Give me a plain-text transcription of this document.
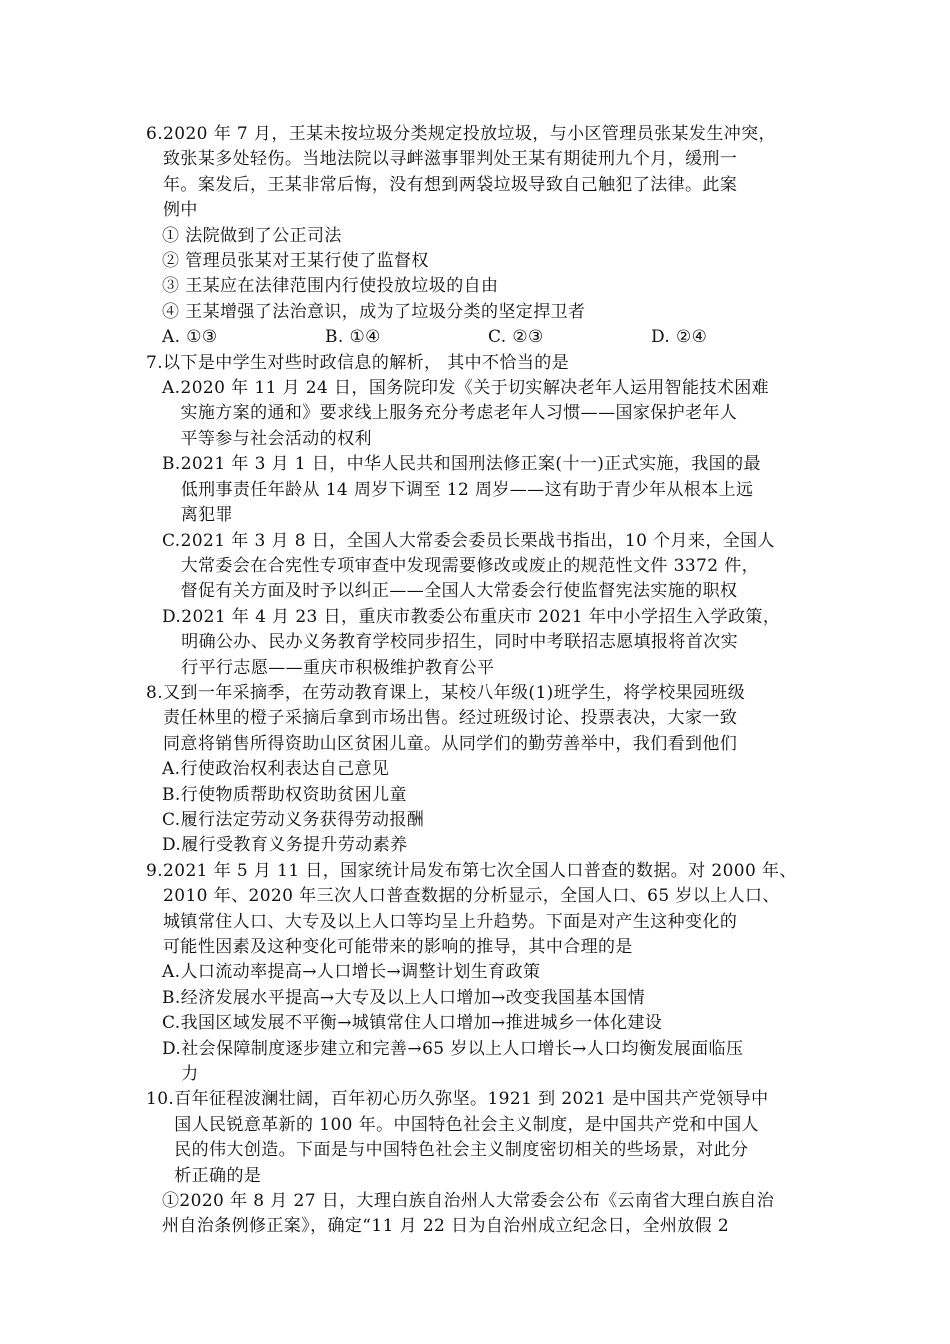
6. 2020 年 7 月，王某未按垃圾分类规定投放垃圾，与小区管理员张某发生冲突，
致张某多处轻伤。当地法院以寻衅滋事罪判处王某有期徒刑九个月，缓刑一
年。案发后，王某非常后悔，没有想到两袋垃圾导致自己触犯了法律。此案
例中
① 法院做到了公正司法
② 管理员张某对王某行使了监督权
③ 王某应在法律范围内行使投放垃圾的自由
④ 王某增强了法治意识，成为了垃圾分类的坚定捍卫者
A. ①③	B. ①④	C. ②③	D. ②④
7. 以下是中学生对些时政信息的解析， 其中不恰当的是
A. 2020 年 11 月 24 日，国务院印发《关于切实解决老年人运用智能技术困难
实施方案的通和》要求线上服务充分考虑老年人习惯——国家保护老年人
平等参与社会活动的权利
B. 2021 年 3 月 1 日，中华人民共和国刑法修正案(十一)正式实施，我国的最
低刑事责任年龄从 14 周岁下调至 12 周岁——这有助于青少年从根本上远
离犯罪
C. 2021 年 3 月 8 日，全国人大常委会委员长栗战书指出，10 个月来，全国人
大常委会在合宪性专项审查中发现需要修改或废止的规范性文件 3372 件，
督促有关方面及时予以纠正——全国人大常委会行使监督宪法实施的职权
D. 2021 年 4 月 23 日，重庆市教委公布重庆市 2021 年中小学招生入学政策，
明确公办、民办义务教育学校同步招生，同时中考联招志愿填报将首次实
行平行志愿——重庆市积极维护教育公平
8. 又到一年采摘季，在劳动教育课上，某校八年级(1)班学生，将学校果园班级
责任林里的橙子采摘后拿到市场出售。经过班级讨论、投票表决，大家一致
同意将销售所得资助山区贫困儿童。从同学们的勤劳善举中，我们看到他们
A. 行使政治权利表达自己意见
B. 行使物质帮助权资助贫困儿童
C. 履行法定劳动义务获得劳动报酬
D. 履行受教育义务提升劳动素养
9. 2021 年 5 月 11 日，国家统计局发布第七次全国人口普查的数据。对 2000 年、
2010 年、2020 年三次人口普查数据的分析显示，全国人口、65 岁以上人口、
城镇常住人口、大专及以上人口等均呈上升趋势。下面是对产生这种变化的
可能性因素及这种变化可能带来的影响的推导，其中合理的是
A. 人口流动率提高→人口增长→调整计划生育政策
B. 经济发展水平提高→大专及以上人口增加→改变我国基本国情
C. 我国区域发展不平衡→城镇常住人口增加→推进城乡一体化建设
D. 社会保障制度逐步建立和完善→65 岁以上人口增长→人口均衡发展面临压
力
10. 百年征程波澜壮阔，百年初心历久弥坚。1921 到 2021 是中国共产党领导中
国人民锐意革新的 100 年。中国特色社会主义制度，是中国共产党和中国人
民的伟大创造。下面是与中国特色社会主义制度密切相关的些场景，对此分
析正确的是
①2020 年 8 月 27 日，大理白族自治州人大常委会公布《云南省大理白族自治
州自治条例修正案》，确定“11 月 22 日为自治州成立纪念日，全州放假 2
